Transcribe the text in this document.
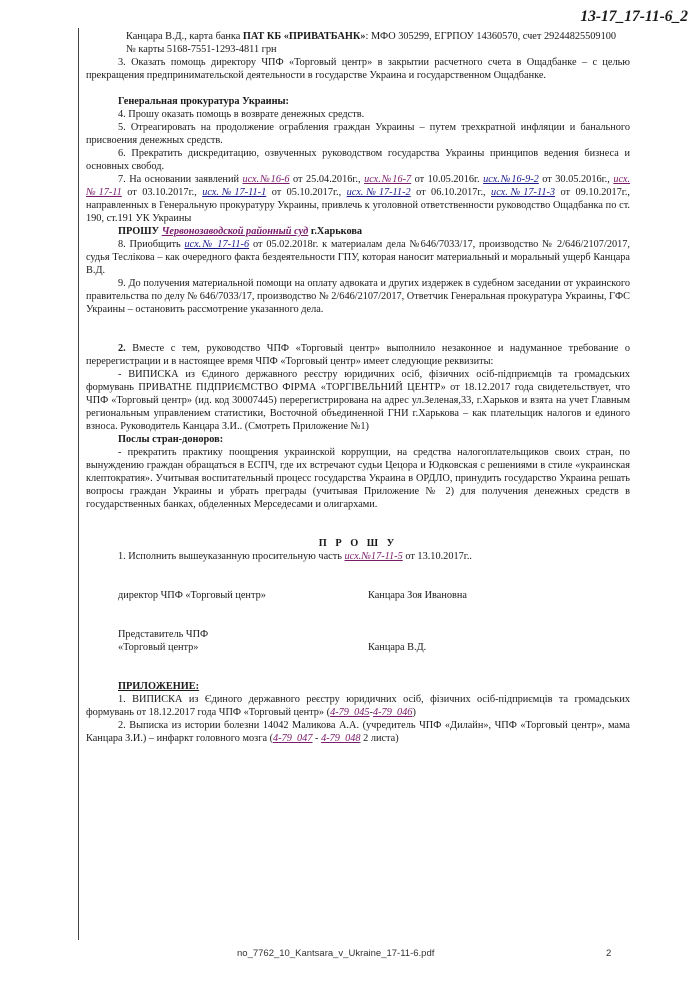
13-17_17-11-6_2

Канцара В.Д., карта банка ПАТ КБ «ПРИВАТБАНК»: МФО 305299, ЕГРПОУ 14360570, счет 29244825509100

№ карты 5168-7551-1293-4811 грн

3. Оказать помощь директору ЧПФ «Торговый центр» в закрытии расчетного счета в Ощадбанке – с целью прекращения предпринимательской деятельности в государстве Украина и государственном Ощадбанке.

Генеральная прокуратура Украины:

4. Прошу оказать помощь в возврате денежных средств.

5. Отреагировать на продолжение ограбления граждан Украины – путем трехкратной инфляции и банального присвоения денежных средств.

6. Прекратить дискредитацию, озвученных руководством государства Украины принципов ведения бизнеса и основных свобод.

7. На основании заявлений исх.№16-6 от 25.04.2016г., исх.№16-7 от 10.05.2016г. исх.№16-9-2 от 30.05.2016г., исх.№17-11 от 03.10.2017г., исх.№17-11-1 от 05.10.2017г., исх.№17-11-2 от 06.10.2017г., исх.№17-11-3 от 09.10.2017г., направленных в Генеральную прокуратуру Украины, привлечь к уголовной ответственности руководство Ощадбанка по ст. 190, ст.191 УК Украины

ПРОШУ Червонозаводской районный суд г.Харькова

8. Приобщить исх.№ 17-11-6 от 05.02.2018г. к материалам дела №646/7033/17, производство № 2/646/2107/2017, судья Теслікова – как очередного факта бездеятельности ГПУ, которая наносит материальный и моральный ущерб Канцара В.Д.

9. До получения материальной помощи на оплату адвоката и других издержек в судебном заседании от украинского правительства по делу № 646/7033/17, производство № 2/646/2107/2017, Ответчик Генеральная прокуратура Украины, ГФС Украины – остановить рассмотрение указанного дела.

2. Вместе с тем, руководство ЧПФ «Торговый центр» выполнило незаконное и надуманное требование о перерегистрации и в настоящее время ЧПФ «Торговый центр» имеет следующие реквизиты:

- ВИПИСКА из Єдиного державного реєстру юридичних осіб, фізичних осіб-підприємців та громадських формувань ПРИВАТНЕ ПІДПРИЄМСТВО ФІРМА «ТОРГІВЕЛЬНИЙ ЦЕНТР» от 18.12.2017 года свидетельствует, что ЧПФ «Торговый центр» (ид. код 30007445) перерегистрирована на адрес ул.Зеленая,33, г.Харьков и взята на учет Главным региональным управлением статистики, Восточной объединенной ГНИ г.Харькова – как плательщик налогов и единого взноса. Руководитель Канцара З.И.. (Смотреть Приложение №1)

Послы стран-доноров:

- прекратить практику поощрения украинской коррупции, на средства налогоплательщиков своих стран, по вынуждению граждан обращаться в ЕСПЧ, где их встречают судьи Цецора и Юдковская с решениями в стиле «украинская клептократия». Учитывая воспитательный процесс государства Украина в ОРДЛО, принудить государство Украина решать вопросы граждан Украины и убрать преграды (учитывая Приложение № 2) для получения денежных средств в государственных банках, обделенных Мерседесами и олигархами.

П Р О Ш У

1. Исполнить вышеуказанную просительную часть исх.№17-11-5 от 13.10.2017г..

директор ЧПФ «Торговый центр»	Канцара Зоя Ивановна
Представитель ЧПФ
«Торговый центр»	Канцара В.Д.

ПРИЛОЖЕНИЕ:

1. ВИПИСКА из Єдиного державного реєстру юридичних осіб, фізичних осіб-підприємців та громадських формувань от 18.12.2017 года ЧПФ «Торговый центр» (4-79_045-4-79_046)

2. Выписка из истории болезни 14042 Маликова А.А. (учредитель ЧПФ «Дилайн», ЧПФ «Торговый центр», мама Канцара З.И.) – инфаркт головного мозга (4-79_047 - 4-79_048 2 листа)

no_7762_10_Kantsara_v_Ukraine_17-11-6.pdf	2
